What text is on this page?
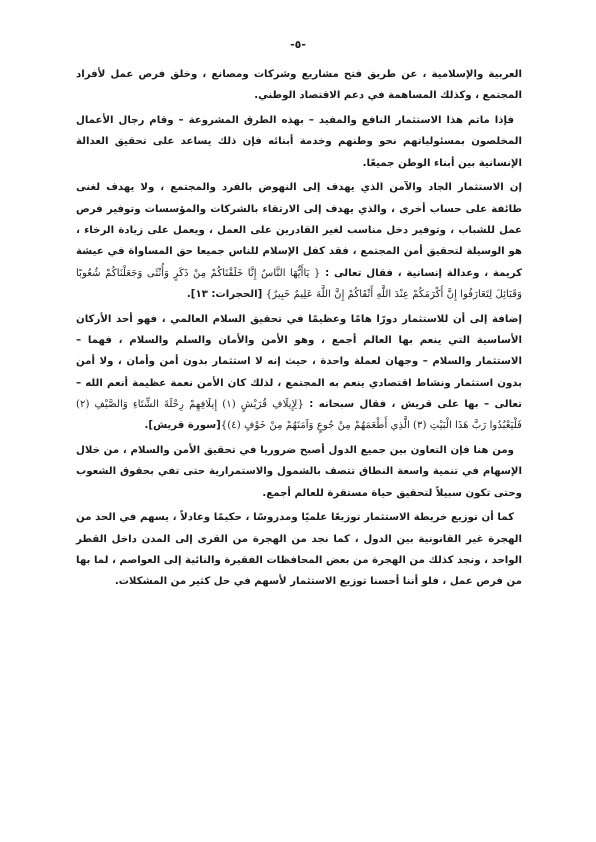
-٥-

العربية والإسلامية ، عن طريق فتح مشاريع وشركات ومصانع ، وخلق فرص عمل لأفراد المجتمع ، وكذلك المساهمة في دعم الاقتصاد الوطني.

فإذا ماتم هذا الاستثمار النافع والمفيد – بهذه الطرق المشروعة – وقام رجال الأعمال المخلصون بمسئولياتهم نحو وطنهم وخدمة أبنائه فإن ذلك يساعد على تحقيق العدالة الإنسانية بين أبناء الوطن جميعًا.

إن الاستثمار الجاد والآمن الذي يهدف إلى النهوض بالفرد والمجتمع ، ولا يهدف لغنى طائفة على حساب أخرى ، والذي يهدف إلى الارتقاء بالشركات والمؤسسات وتوفير فرص عمل للشباب ، وتوفير دخل مناسب لغير القادرين على العمل ، ويعمل على زيادة الرخاء ، هو الوسيلة لتحقيق أمن المجتمع ، فقد كفل الإسلام للناس جميعا حق المساواة في عيشة كريمة ، وعدالة إنسانية ، فقال تعالى : { يَاأَيُّهَا النَّاسُ إِنَّا خَلَقْنَاكُمْ مِنْ ذَكَرٍ وَأُنْثَى وَجَعَلْنَاكُمْ شُعُوبًا وَقَبَائِلَ لِتَعَارَفُوا إِنَّ أَكْرَمَكُمْ عِنْدَ اللَّهِ أَتْقَاكُمْ إِنَّ اللَّهَ عَلِيمٌ خَبِيرٌ} [الحجرات: ١٣].

إضافة إلى أن للاستثمار دورًا هامًا وعظيمًا في تحقيق السلام العالمي ، فهو أحد الأركان الأساسية التي ينعم بها العالم أجمع ، وهو الأمن والأمان والسلم والسلام ، فهما – الاستثمار والسلام – وجهان لعملة واحدة ، حيث إنه لا استثمار بدون أمن وأمان ، ولا أمن بدون استثمار ونشاط اقتصادي ينعم به المجتمع ، لذلك كان الأمن نعمة عظيمة أنعم الله – تعالى – بها على قريش ، فقال سبحانه : {لِإِيلَافِ قُرَيْشٍ (١) إِيلَافِهِمْ رِحْلَةَ الشِّتَاءِ وَالصَّيْفِ (٢) فَلْيَعْبُدُوا رَبَّ هَذَا الْبَيْتِ (٣) الَّذِي أَطْعَمَهُمْ مِنْ جُوعٍ وَآمَنَهُمْ مِنْ خَوْفٍ (٤)}[سورة قريش].

ومن هنا فإن التعاون بين جميع الدول أصبح ضروريا في تحقيق الأمن والسلام ، من خلال الإسهام في تنمية واسعة النطاق تتصف بالشمول والاستمرارية حتى تفي بحقوق الشعوب وحتى تكون سبيلاً لتحقيق حياة مستقرة للعالم أجمع.

كما أن توزيع خريطة الاستثمار توزيعًا علميًا ومدروسًا ، حكيمًا وعادلاً ، يسهم في الحد من الهجرة غير القانونية بين الدول ، كما نجد من الهجرة من القرى إلى المدن داخل القطر الواحد ، ونجد كذلك من الهجرة من بعض المحافظات الفقيرة والنائية إلى العواصم ، لما بها من فرص عمل ، فلو أننا أحسنا توزيع الاستثمار لأسهم في حل كثير من المشكلات.
